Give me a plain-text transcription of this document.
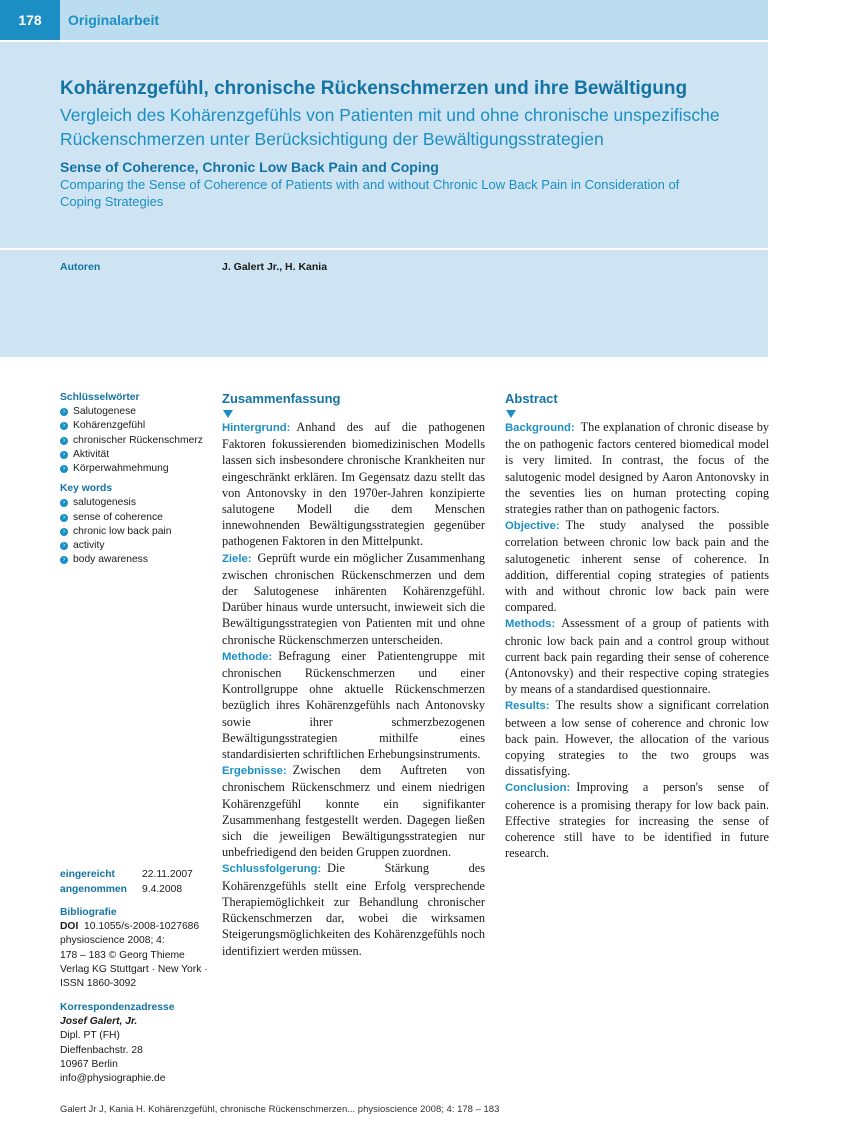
178	Originalarbeit
Kohärenzgefühl, chronische Rückenschmerzen und ihre Bewältigung
Vergleich des Kohärenzgefühls von Patienten mit und ohne chronische unspezifische Rückenschmerzen unter Berücksichtigung der Bewältigungsstrategien
Sense of Coherence, Chronic Low Back Pain and Coping
Comparing the Sense of Coherence of Patients with and without Chronic Low Back Pain in Consideration of Coping Strategies
Autoren	J. Galert Jr., H. Kania
Schlüsselwörter
› Salutogenese
› Kohärenzgefühl
› chronischer Rückenschmerz
› Aktivität
› Körperwahmehmung
Key words
› salutogenesis
› sense of coherence
› chronic low back pain
› activity
› body awareness
eingereicht	22.11.2007
angenommen 9.4.2008
Bibliografie
DOI 10.1055/s-2008-1027686
physioscience 2008; 4:
178 – 183 © Georg Thieme
Verlag KG Stuttgart · New York ·
ISSN 1860-3092
Korrespondenzadresse
Josef Galert, Jr.
Dipl. PT (FH)
Dieffenbachstr. 28
10967 Berlin
info@physiographie.de
Zusammenfassung

Hintergrund: Anhand des auf die pathogenen Faktoren fokussierenden biomedizinischen Modells lassen sich insbesondere chronische Krankheiten nur eingeschränkt erklären. Im Gegensatz dazu stellt das von Antonovsky in den 1970er-Jahren konzipierte salutogene Modell die dem Menschen innewohnenden Bewältigungsstrategien gegenüber pathogenen Faktoren in den Mittelpunkt.

Ziele: Geprüft wurde ein möglicher Zusammenhang zwischen chronischen Rückenschmerzen und dem der Salutogenese inhärenten Kohärenzgefühl. Darüber hinaus wurde untersucht, inwieweit sich die Bewältigungsstrategien von Patienten mit und ohne chronische Rückenschmerzen unterscheiden.

Methode: Befragung einer Patientengruppe mit chronischen Rückenschmerzen und einer Kontrollgruppe ohne aktuelle Rückenschmerzen bezüglich ihres Kohärenzgefühls nach Antonovsky sowie ihrer schmerzbezogenen Bewältigungsstrategien mithilfe eines standardisierten schriftlichen Erhebungsinstruments.

Ergebnisse: Zwischen dem Auftreten von chronischem Rückenschmerz und einem niedrigen Kohärenzgefühl konnte ein signifikanter Zusammenhang festgestellt werden. Dagegen ließen sich die jeweiligen Bewältigungsstrategien nur unbefriedigend den beiden Gruppen zuordnen.

Schlussfolgerung: Die Stärkung des Kohärenzgefühls stellt eine Erfolg versprechende Therapiemöglichkeit zur Behandlung chronischer Rückenschmerzen dar, wobei die wirksamen Steigerungsmöglichkeiten des Kohärenzgefühls noch identifiziert werden müssen.

Abstract

Background: The explanation of chronic disease by the on pathogenic factors centered biomedical model is very limited. In contrast, the focus of the salutogenic model designed by Aaron Antonovsky in the seventies lies on human protecting coping strategies rather than on pathogenic factors.

Objective: The study analysed the possible correlation between chronic low back pain and the salutogenetic inherent sense of coherence. In addition, differential coping strategies of patients with and without chronic low back pain were compared.

Methods: Assessment of a group of patients with chronic low back pain and a control group without current back pain regarding their sense of coherence (Antonovsky) and their respective coping strategies by means of a standardised questionnaire.

Results: The results show a significant correlation between a low sense of coherence and chronic low back pain. However, the allocation of the various copying strategies to the two groups was dissatisfying.

Conclusion: Improving a person's sense of coherence is a promising therapy for low back pain. Effective strategies for increasing the sense of coherence still have to be identified in future research.

Galert Jr J, Kania H. Kohärenzgefühl, chronische Rückenschmerzen... physioscience 2008; 4: 178 – 183
